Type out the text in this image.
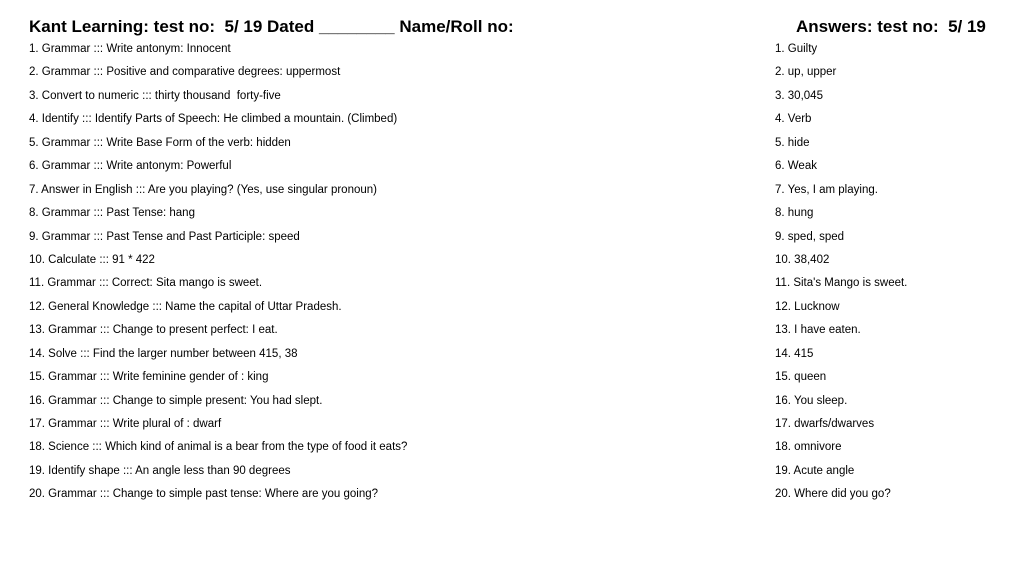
Kant Learning: test no:  5/ 19 Dated ________ Name/Roll no:	Answers: test no:  5/ 19
1. Grammar ::: Write antonym: Innocent
2. Grammar ::: Positive and comparative degrees: uppermost
3. Convert to numeric ::: thirty thousand  forty-five
4. Identify ::: Identify Parts of Speech: He climbed a mountain. (Climbed)
5. Grammar ::: Write Base Form of the verb: hidden
6. Grammar ::: Write antonym: Powerful
7. Answer in English ::: Are you playing? (Yes, use singular pronoun)
8. Grammar ::: Past Tense: hang
9. Grammar ::: Past Tense and Past Participle: speed
10. Calculate ::: 91 * 422
11. Grammar ::: Correct: Sita mango is sweet.
12. General Knowledge ::: Name the capital of Uttar Pradesh.
13. Grammar ::: Change to present perfect: I eat.
14. Solve ::: Find the larger number between 415, 38
15. Grammar ::: Write feminine gender of : king
16. Grammar ::: Change to simple present: You had slept.
17. Grammar ::: Write plural of : dwarf
18. Science ::: Which kind of animal is a bear from the type of food it eats?
19. Identify shape ::: An angle less than 90 degrees
20. Grammar ::: Change to simple past tense: Where are you going?
1. Guilty
2. up, upper
3. 30,045
4. Verb
5. hide
6. Weak
7. Yes, I am playing.
8. hung
9. sped, sped
10. 38,402
11. Sita's Mango is sweet.
12. Lucknow
13. I have eaten.
14. 415
15. queen
16. You sleep.
17. dwarfs/dwarves
18. omnivore
19. Acute angle
20. Where did you go?
